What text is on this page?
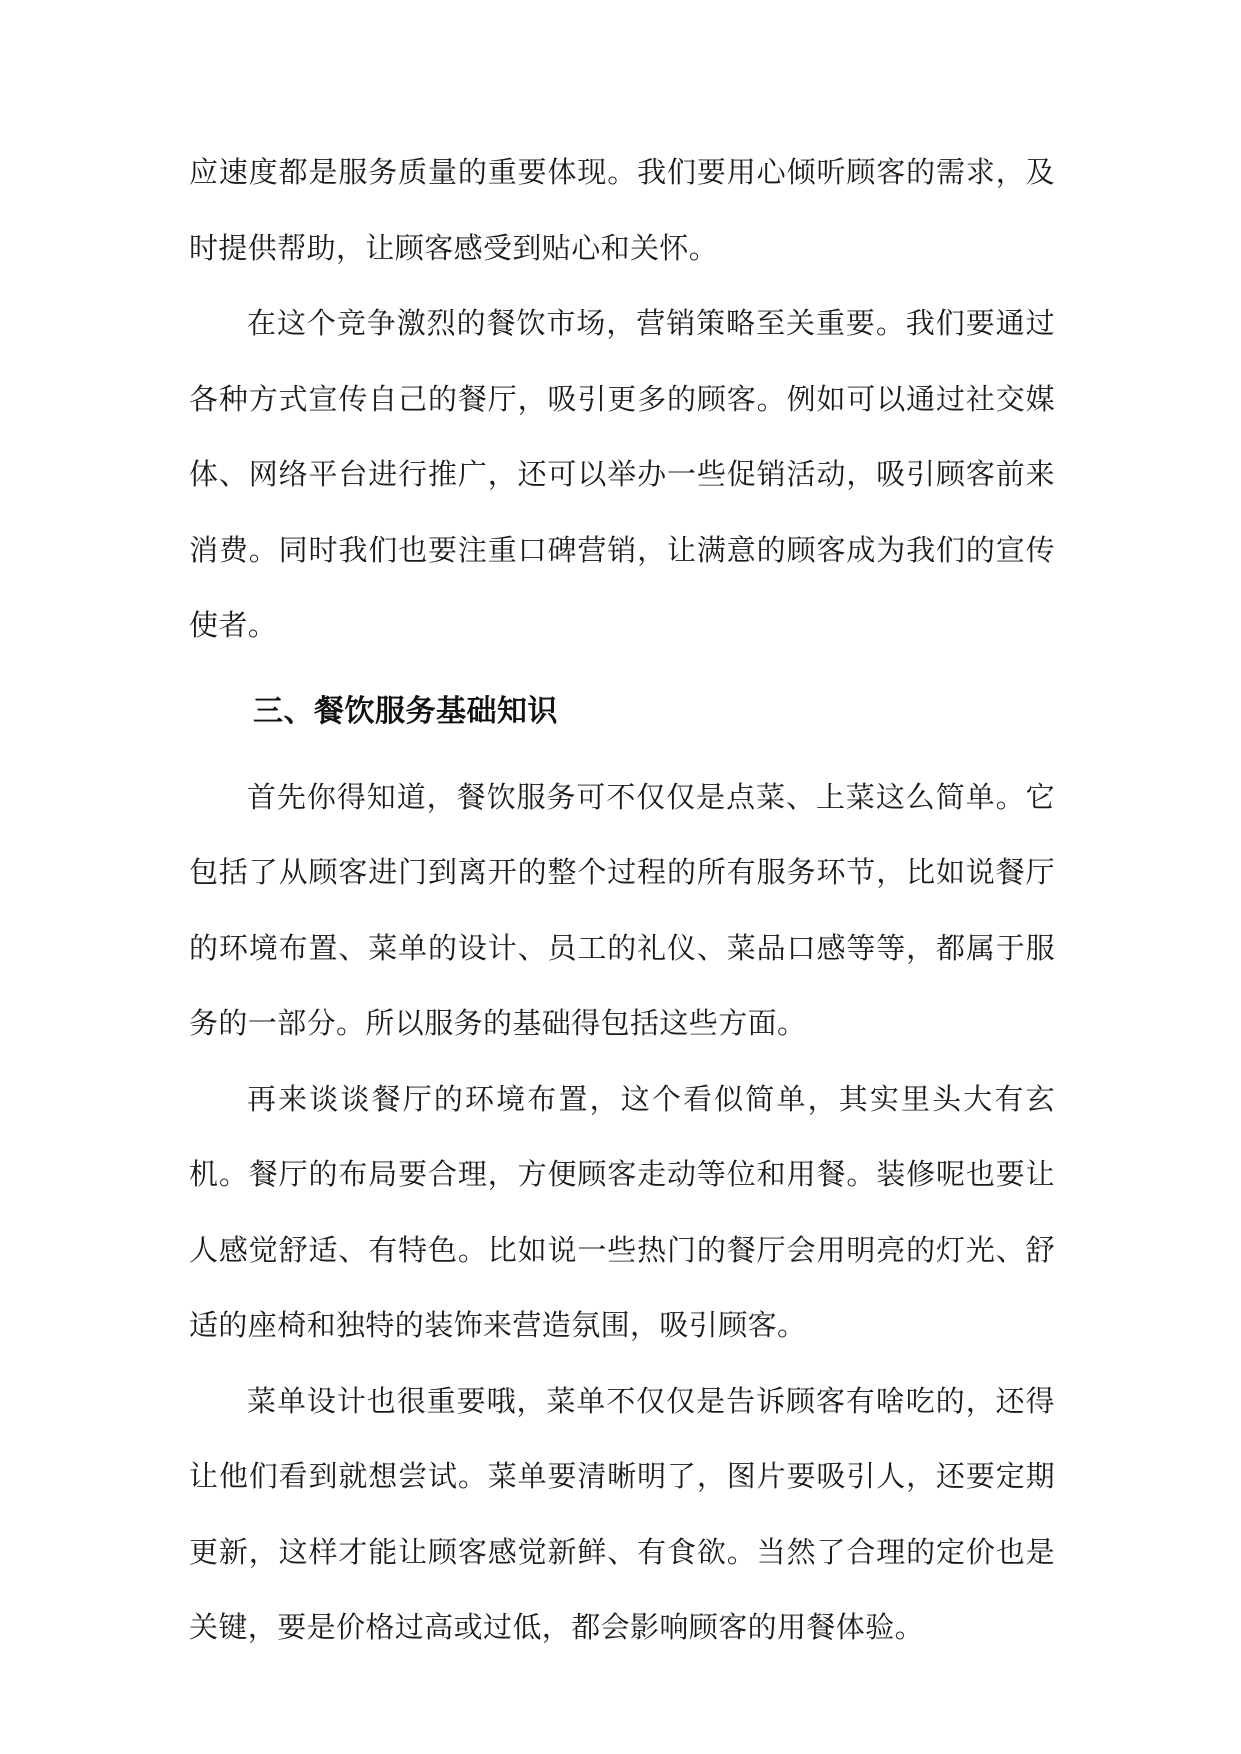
应速度都是服务质量的重要体现。我们要用心倾听顾客的需求，及时提供帮助，让顾客感受到贴心和关怀。

在这个竞争激烈的餐饮市场，营销策略至关重要。我们要通过各种方式宣传自己的餐厅，吸引更多的顾客。例如可以通过社交媒体、网络平台进行推广，还可以举办一些促销活动，吸引顾客前来消费。同时我们也要注重口碑营销，让满意的顾客成为我们的宣传使者。

三、餐饮服务基础知识

首先你得知道，餐饮服务可不仅仅是点菜、上菜这么简单。它包括了从顾客进门到离开的整个过程的所有服务环节，比如说餐厅的环境布置、菜单的设计、员工的礼仪、菜品口感等等，都属于服务的一部分。所以服务的基础得包括这些方面。

再来谈谈餐厅的环境布置，这个看似简单，其实里头大有玄机。餐厅的布局要合理，方便顾客走动等位和用餐。装修呢也要让人感觉舒适、有特色。比如说一些热门的餐厅会用明亮的灯光、舒适的座椅和独特的装饰来营造氛围，吸引顾客。

菜单设计也很重要哦，菜单不仅仅是告诉顾客有啥吃的，还得让他们看到就想尝试。菜单要清晰明了，图片要吸引人，还要定期更新，这样才能让顾客感觉新鲜、有食欲。当然了合理的定价也是关键，要是价格过高或过低，都会影响顾客的用餐体验。
